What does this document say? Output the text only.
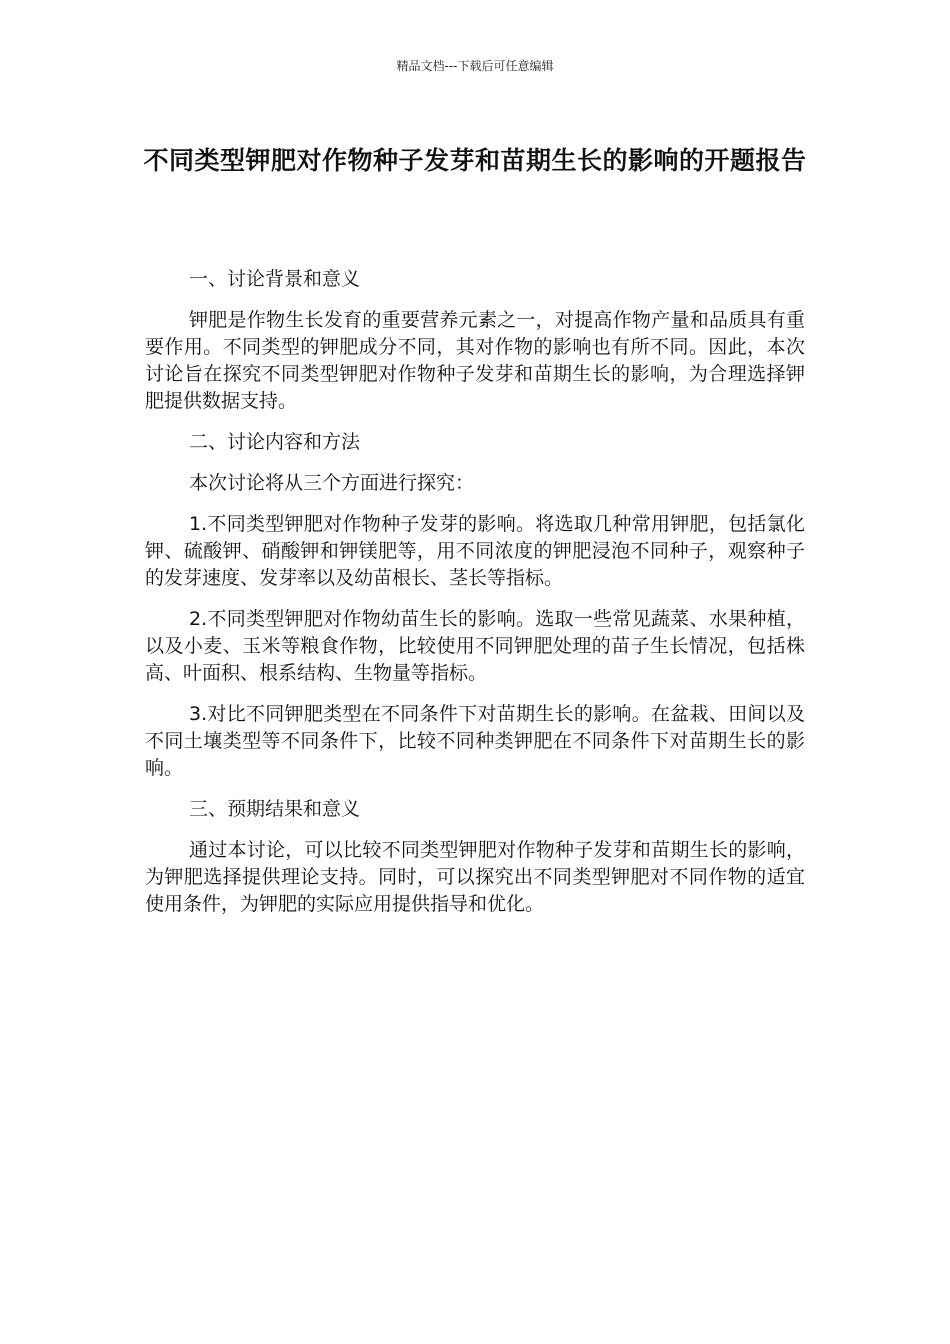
精品文档---下载后可任意编辑
不同类型钾肥对作物种子发芽和苗期生长的影响的开题报告

一、讨论背景和意义

钾肥是作物生长发育的重要营养元素之一，对提高作物产量和品质具有重要作用。不同类型的钾肥成分不同，其对作物的影响也有所不同。因此，本次讨论旨在探究不同类型钾肥对作物种子发芽和苗期生长的影响，为合理选择钾肥提供数据支持。

二、讨论内容和方法

本次讨论将从三个方面进行探究：

1.不同类型钾肥对作物种子发芽的影响。将选取几种常用钾肥，包括氯化钾、硫酸钾、硝酸钾和钾镁肥等，用不同浓度的钾肥浸泡不同种子，观察种子的发芽速度、发芽率以及幼苗根长、茎长等指标。

2.不同类型钾肥对作物幼苗生长的影响。选取一些常见蔬菜、水果种植，以及小麦、玉米等粮食作物，比较使用不同钾肥处理的苗子生长情况，包括株高、叶面积、根系结构、生物量等指标。

3.对比不同钾肥类型在不同条件下对苗期生长的影响。在盆栽、田间以及不同土壤类型等不同条件下，比较不同种类钾肥在不同条件下对苗期生长的影响。

三、预期结果和意义

通过本讨论，可以比较不同类型钾肥对作物种子发芽和苗期生长的影响，为钾肥选择提供理论支持。同时，可以探究出不同类型钾肥对不同作物的适宜使用条件，为钾肥的实际应用提供指导和优化。
